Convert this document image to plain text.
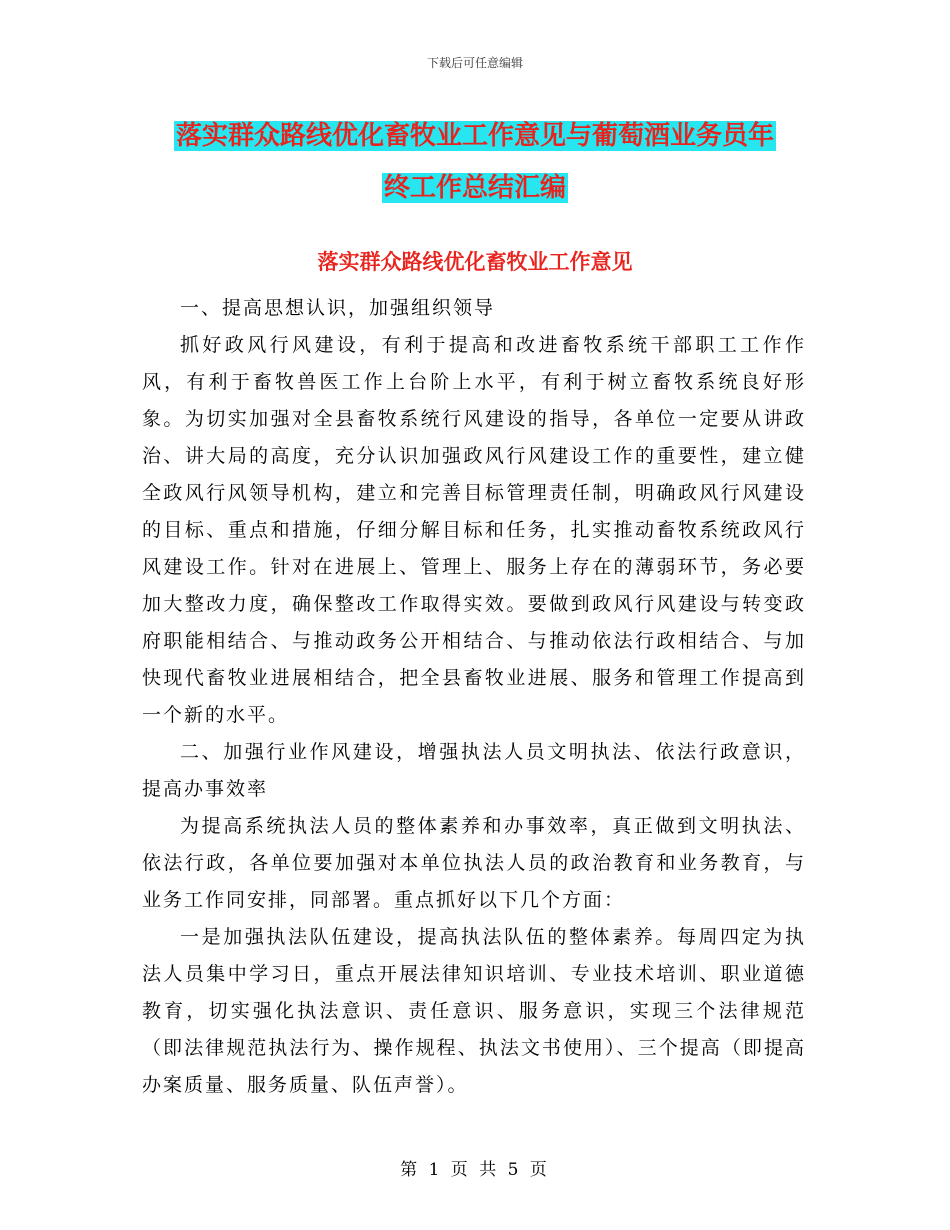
下载后可任意编辑
落实群众路线优化畜牧业工作意见与葡萄酒业务员年
终工作总结汇编
落实群众路线优化畜牧业工作意见

一、提高思想认识，加强组织领导

抓好政风行风建设，有利于提高和改进畜牧系统干部职工工作作风，有利于畜牧兽医工作上台阶上水平，有利于树立畜牧系统良好形象。为切实加强对全县畜牧系统行风建设的指导，各单位一定要从讲政治、讲大局的高度，充分认识加强政风行风建设工作的重要性，建立健全政风行风领导机构，建立和完善目标管理责任制，明确政风行风建设的目标、重点和措施，仔细分解目标和任务，扎实推动畜牧系统政风行风建设工作。针对在进展上、管理上、服务上存在的薄弱环节，务必要加大整改力度，确保整改工作取得实效。要做到政风行风建设与转变政府职能相结合、与推动政务公开相结合、与推动依法行政相结合、与加快现代畜牧业进展相结合，把全县畜牧业进展、服务和管理工作提高到一个新的水平。

二、加强行业作风建设，增强执法人员文明执法、依法行政意识，提高办事效率

为提高系统执法人员的整体素养和办事效率，真正做到文明执法、依法行政，各单位要加强对本单位执法人员的政治教育和业务教育，与业务工作同安排，同部署。重点抓好以下几个方面：

一是加强执法队伍建设，提高执法队伍的整体素养。每周四定为执法人员集中学习日，重点开展法律知识培训、专业技术培训、职业道德教育，切实强化执法意识、责任意识、服务意识，实现三个法律规范（即法律规范执法行为、操作规程、执法文书使用）、三个提高（即提高办案质量、服务质量、队伍声誉）。

第 1 页 共 5 页
